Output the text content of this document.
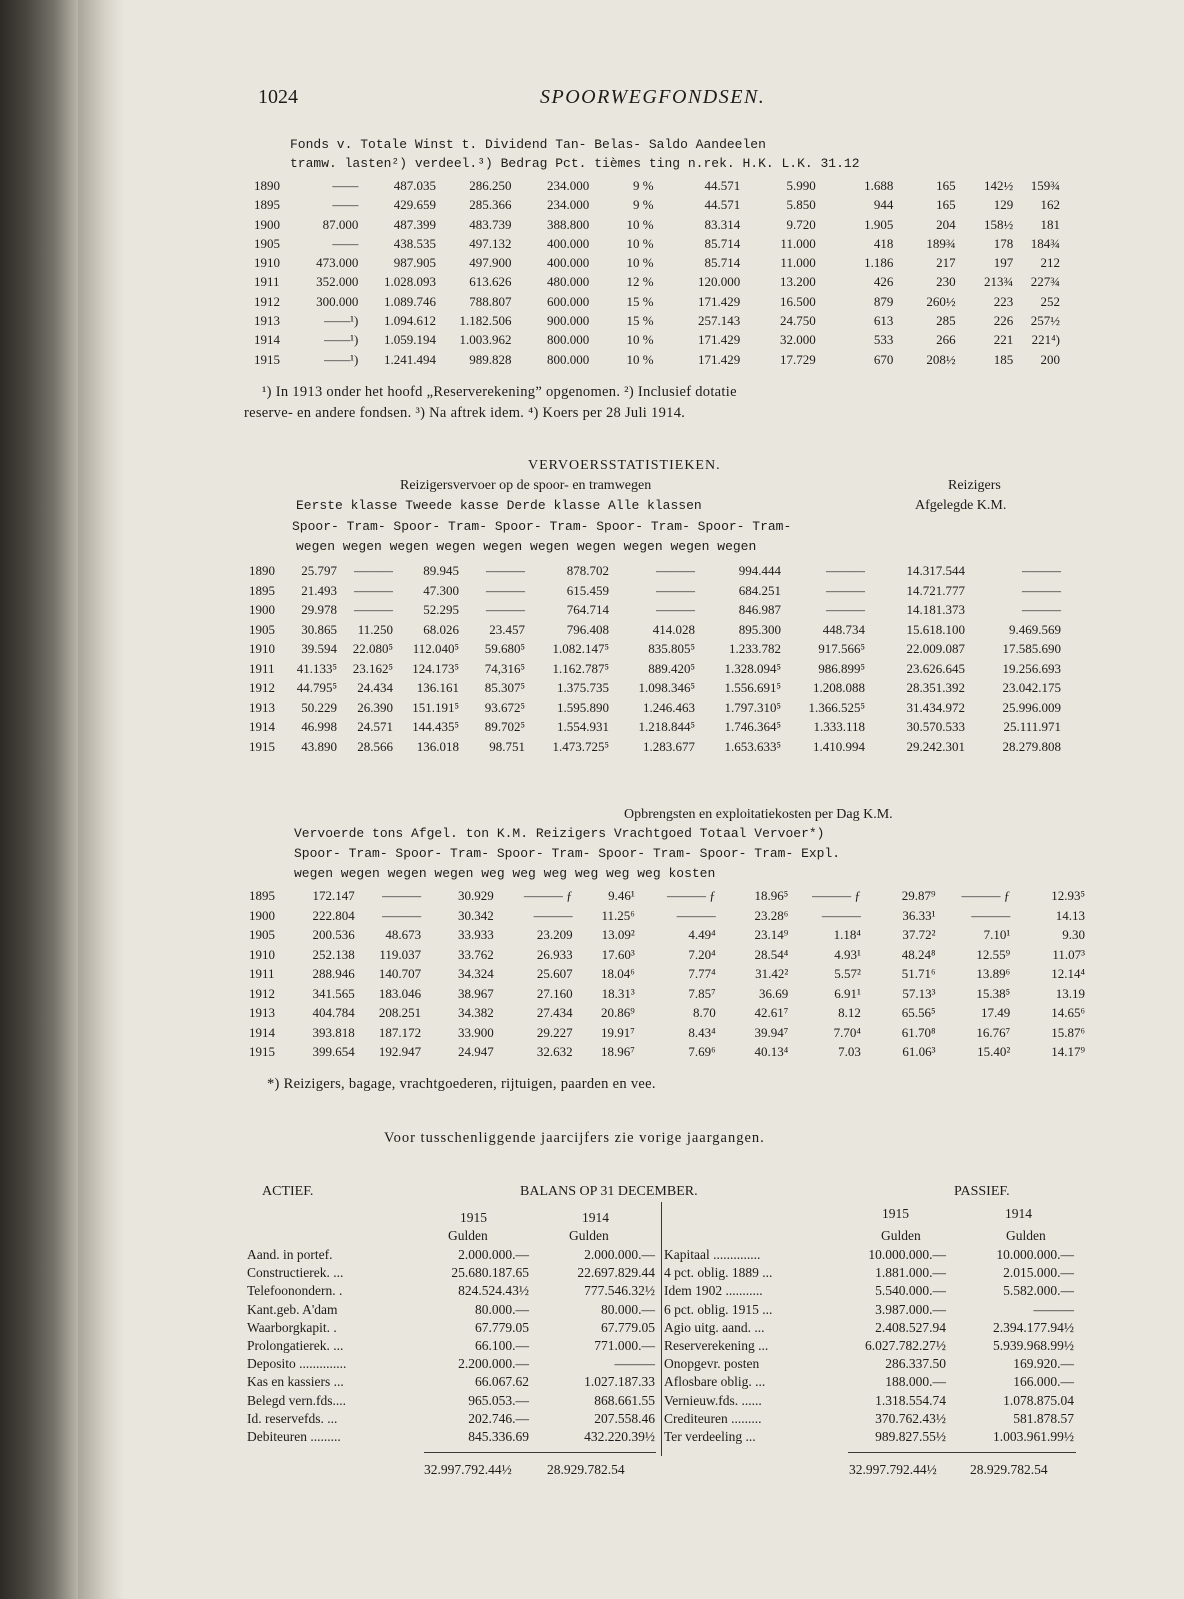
1024	SPOORWEGFONDSEN.
Fonds v. Totale Winst t. Dividend Tan- Belas- Saldo Aandeelen
tramw. lasten²) verdeel.³) Bedrag Pct. tièmes ting n.rek. H.K. L.K. 31.12
1890	——	487.035	286.250	234.000	9 %	44.571	5.990	1.688	165	142½	159¾
1895	——	429.659	285.366	234.000	9 %	44.571	5.850	944	165	129	162
1900	87.000	487.399	483.739	388.800	10 %	83.314	9.720	1.905	204	158½	181
1905	——	438.535	497.132	400.000	10 %	85.714	11.000	418	189¾	178	184¾
1910	473.000	987.905	497.900	400.000	10 %	85.714	11.000	1.186	217	197	212
1911	352.000	1.028.093	613.626	480.000	12 %	120.000	13.200	426	230	213¾	227¾
1912	300.000	1.089.746	788.807	600.000	15 %	171.429	16.500	879	260½	223	252
1913	——¹)	1.094.612	1.182.506	900.000	15 %	257.143	24.750	613	285	226	257½
1914	——¹)	1.059.194	1.003.962	800.000	10 %	171.429	32.000	533	266	221	221⁴)
1915	——¹)	1.241.494	989.828	800.000	10 %	171.429	17.729	670	208½	185	200
¹) In 1913 onder het hoofd „Reserverekening” opgenomen. ²) Inclusief dotatie
reserve- en andere fondsen. ³) Na aftrek idem. ⁴) Koers per 28 Juli 1914.
VERVOERSSTATISTIEKEN.
Reizigersvervoer op de spoor- en tramwegen	Reizigers
Eerste klasse Tweede kasse Derde klasse Alle klassen	Afgelegde K.M.
Spoor- Tram- Spoor- Tram- Spoor- Tram- Spoor- Tram- Spoor- Tram-
wegen wegen wegen wegen wegen wegen wegen wegen wegen wegen
1890	25.797	———	89.945	———	878.702	———	994.444	———	14.317.544	———
1895	21.493	———	47.300	———	615.459	———	684.251	———	14.721.777	———
1900	29.978	———	52.295	———	764.714	———	846.987	———	14.181.373	———
1905	30.865	11.250	68.026	23.457	796.408	414.028	895.300	448.734	15.618.100	9.469.569
1910	39.594	22.080⁵	112.040⁵	59.680⁵	1.082.147⁵	835.805⁵	1.233.782	917.566⁵	22.009.087	17.585.690
1911	41.133⁵	23.162⁵	124.173⁵	74,316⁵	1.162.787⁵	889.420⁵	1.328.094⁵	986.899⁵	23.626.645	19.256.693
1912	44.795⁵	24.434	136.161	85.307⁵	1.375.735	1.098.346⁵	1.556.691⁵	1.208.088	28.351.392	23.042.175
1913	50.229	26.390	151.191⁵	93.672⁵	1.595.890	1.246.463	1.797.310⁵	1.366.525⁵	31.434.972	25.996.009
1914	46.998	24.571	144.435⁵	89.702⁵	1.554.931	1.218.844⁵	1.746.364⁵	1.333.118	30.570.533	25.111.971
1915	43.890	28.566	136.018	98.751	1.473.725⁵	1.283.677	1.653.633⁵	1.410.994	29.242.301	28.279.808
Opbrengsten en exploitatiekosten per Dag K.M.
Vervoerde tons Afgel. ton K.M. Reizigers Vrachtgoed Totaal Vervoer*)
Spoor- Tram- Spoor- Tram- Spoor- Tram- Spoor- Tram- Spoor- Tram- Expl.
wegen wegen wegen wegen weg weg weg weg weg weg kosten
1895	172.147	———	30.929	——— ƒ	9.46¹	——— ƒ	18.96⁵	——— ƒ	29.87⁹	——— ƒ	12.93⁵
1900	222.804	———	30.342	———	11.25⁶	———	23.28⁶	———	36.33¹	———	14.13
1905	200.536	48.673	33.933	23.209	13.09²	4.49⁴	23.14⁹	1.18⁴	37.72²	7.10¹	9.30
1910	252.138	119.037	33.762	26.933	17.60³	7.20⁴	28.54⁴	4.93¹	48.24⁸	12.55⁹	11.07³
1911	288.946	140.707	34.324	25.607	18.04⁶	7.77⁴	31.42²	5.57²	51.71⁶	13.89⁶	12.14⁴
1912	341.565	183.046	38.967	27.160	18.31³	7.85⁷	36.69	6.91¹	57.13³	15.38⁵	13.19
1913	404.784	208.251	34.382	27.434	20.86⁹	8.70	42.61⁷	8.12	65.56⁵	17.49	14.65⁶
1914	393.818	187.172	33.900	29.227	19.91⁷	8.43⁴	39.94⁷	7.70⁴	61.70⁸	16.76⁷	15.87⁶
1915	399.654	192.947	24.947	32.632	18.96⁷	7.69⁶	40.13⁴	7.03	61.06³	15.40²	14.17⁹
*) Reizigers, bagage, vrachtgoederen, rijtuigen, paarden en vee.
Voor tusschenliggende jaarcijfers zie vorige jaargangen.
ACTIEF.	BALANS OP 31 DECEMBER.	PASSIEF.
1915	1914	1915	1914
Gulden	Gulden	Gulden	Gulden
Aand. in portef.	2.000.000.—	2.000.000.—
Constructierek. ...	25.680.187.65	22.697.829.44
Telefoonondern. .	824.524.43½	777.546.32½
Kant.geb. A'dam	80.000.—	80.000.—
Waarborgkapit. .	67.779.05	67.779.05
Prolongatierek. ...	66.100.—	771.000.—
Deposito ..............	2.200.000.—	———
Kas en kassiers ...	66.067.62	1.027.187.33
Belegd vern.fds....	965.053.—	868.661.55
Id. reservefds. ...	202.746.—	207.558.46
Debiteuren .........	845.336.69	432.220.39½
Kapitaal ..............	10.000.000.—	10.000.000.—
4 pct. oblig. 1889 ...	1.881.000.—	2.015.000.—
Idem 1902 ...........	5.540.000.—	5.582.000.—
6 pct. oblig. 1915 ...	3.987.000.—	———
Agio uitg. aand. ...	2.408.527.94	2.394.177.94½
Reserverekening ...	6.027.782.27½	5.939.968.99½
Onopgevr. posten	286.337.50	169.920.—
Aflosbare oblig. ...	188.000.—	166.000.—
Vernieuw.fds. ......	1.318.554.74	1.078.875.04
Crediteuren .........	370.762.43½	581.878.57
Ter verdeeling ...	989.827.55½	1.003.961.99½
32.997.792.44½	28.929.782.54	32.997.792.44½ 28.929.782.54
